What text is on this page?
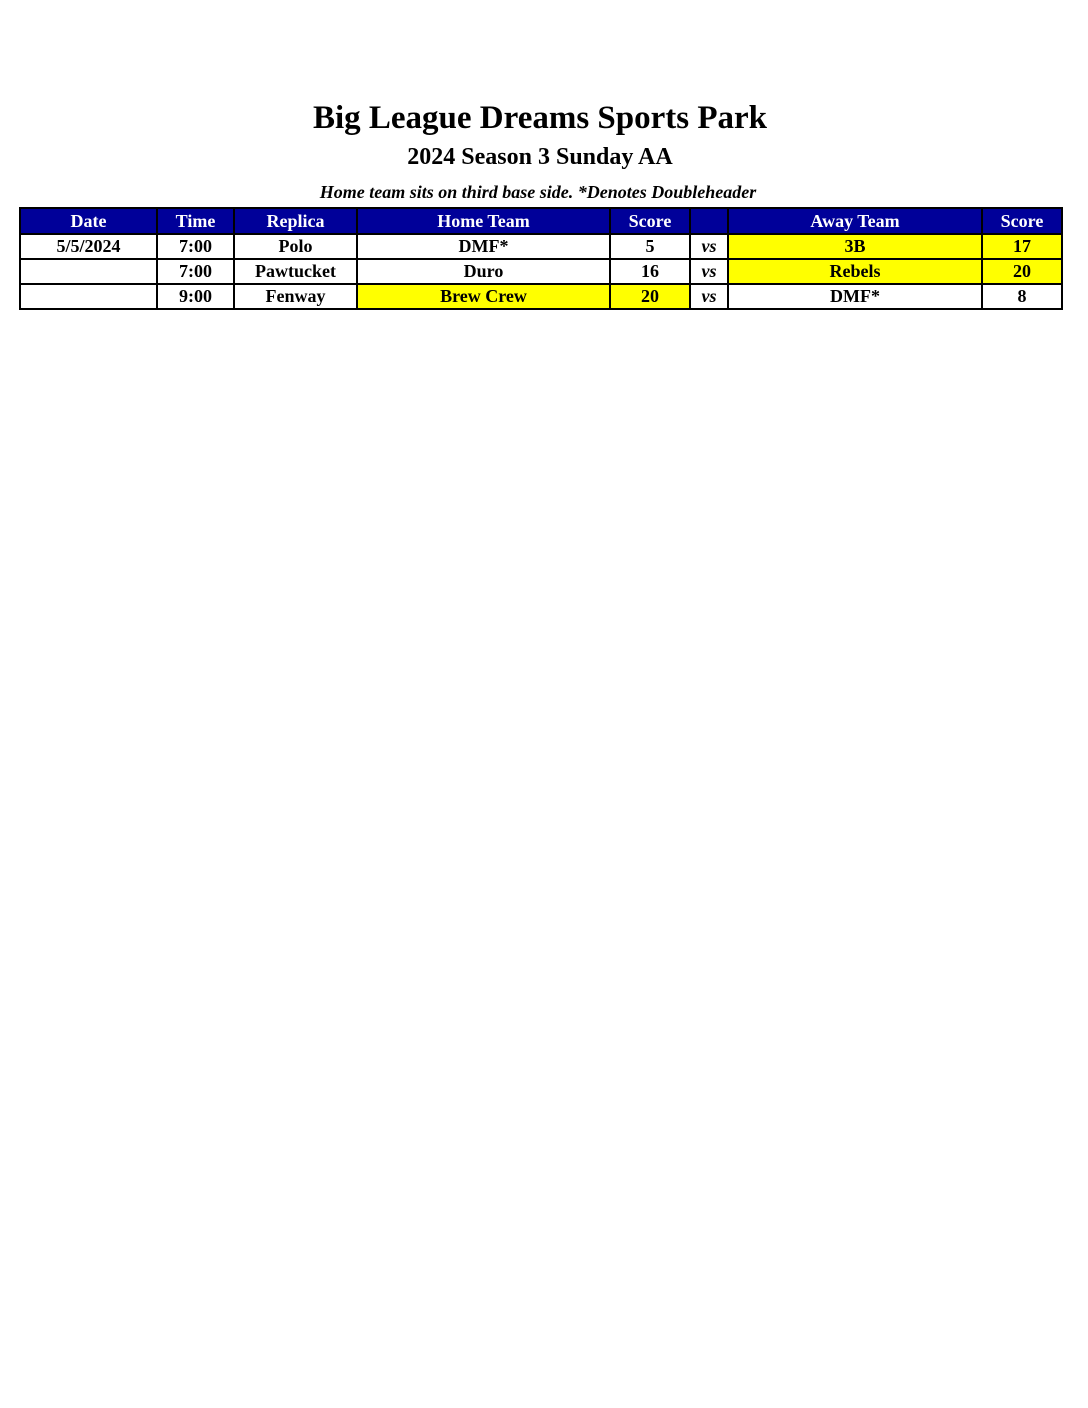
Big League Dreams Sports Park
2024 Season 3 Sunday AA
Home team sits on third base side. *Denotes Doubleheader
Date	Time	Replica	Home Team	Score		Away Team	Score
5/5/2024	7:00	Polo	DMF*	5	vs	3B	17
	7:00	Pawtucket	Duro	16	vs	Rebels	20
	9:00	Fenway	Brew Crew	20	vs	DMF*	8
